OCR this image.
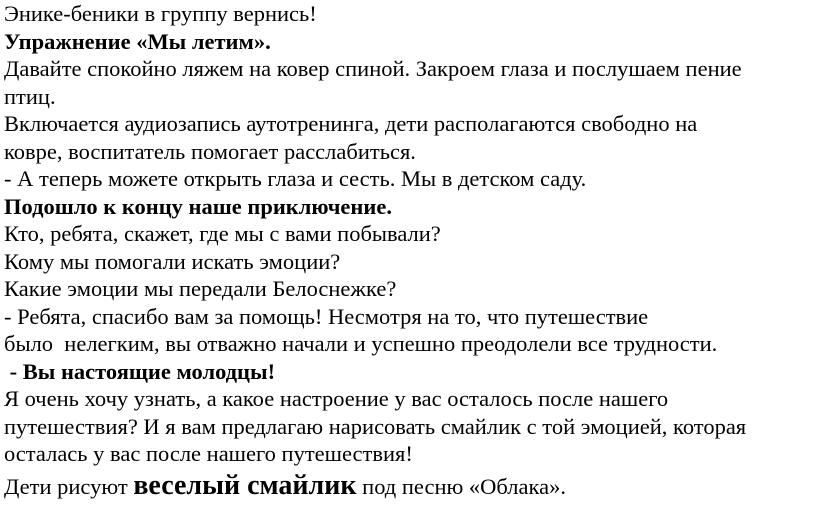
Энике-беники в группу вернись!
Упражнение «Мы летим».
Давайте спокойно ляжем на ковер спиной. Закроем глаза и послушаем пение
птиц.
Включается аудиозапись аутотренинга, дети располагаются свободно на
ковре, воспитатель помогает расслабиться.
- А теперь можете открыть глаза и сесть. Мы в детском саду.
Подошло к концу наше приключение.
Кто, ребята, скажет, где мы с вами побывали?
Кому мы помогали искать эмоции?
Какие эмоции мы передали Белоснежке?
- Ребята, спасибо вам за помощь! Несмотря на то, что путешествие
было  нелегким, вы отважно начали и успешно преодолели все трудности.
- Вы настоящие молодцы!
Я очень хочу узнать, а какое настроение у вас осталось после нашего
путешествия? И я вам предлагаю нарисовать смайлик с той эмоцией, которая
осталась у вас после нашего путешествия!
Дети рисуют веселый смайлик под песню «Облака».
